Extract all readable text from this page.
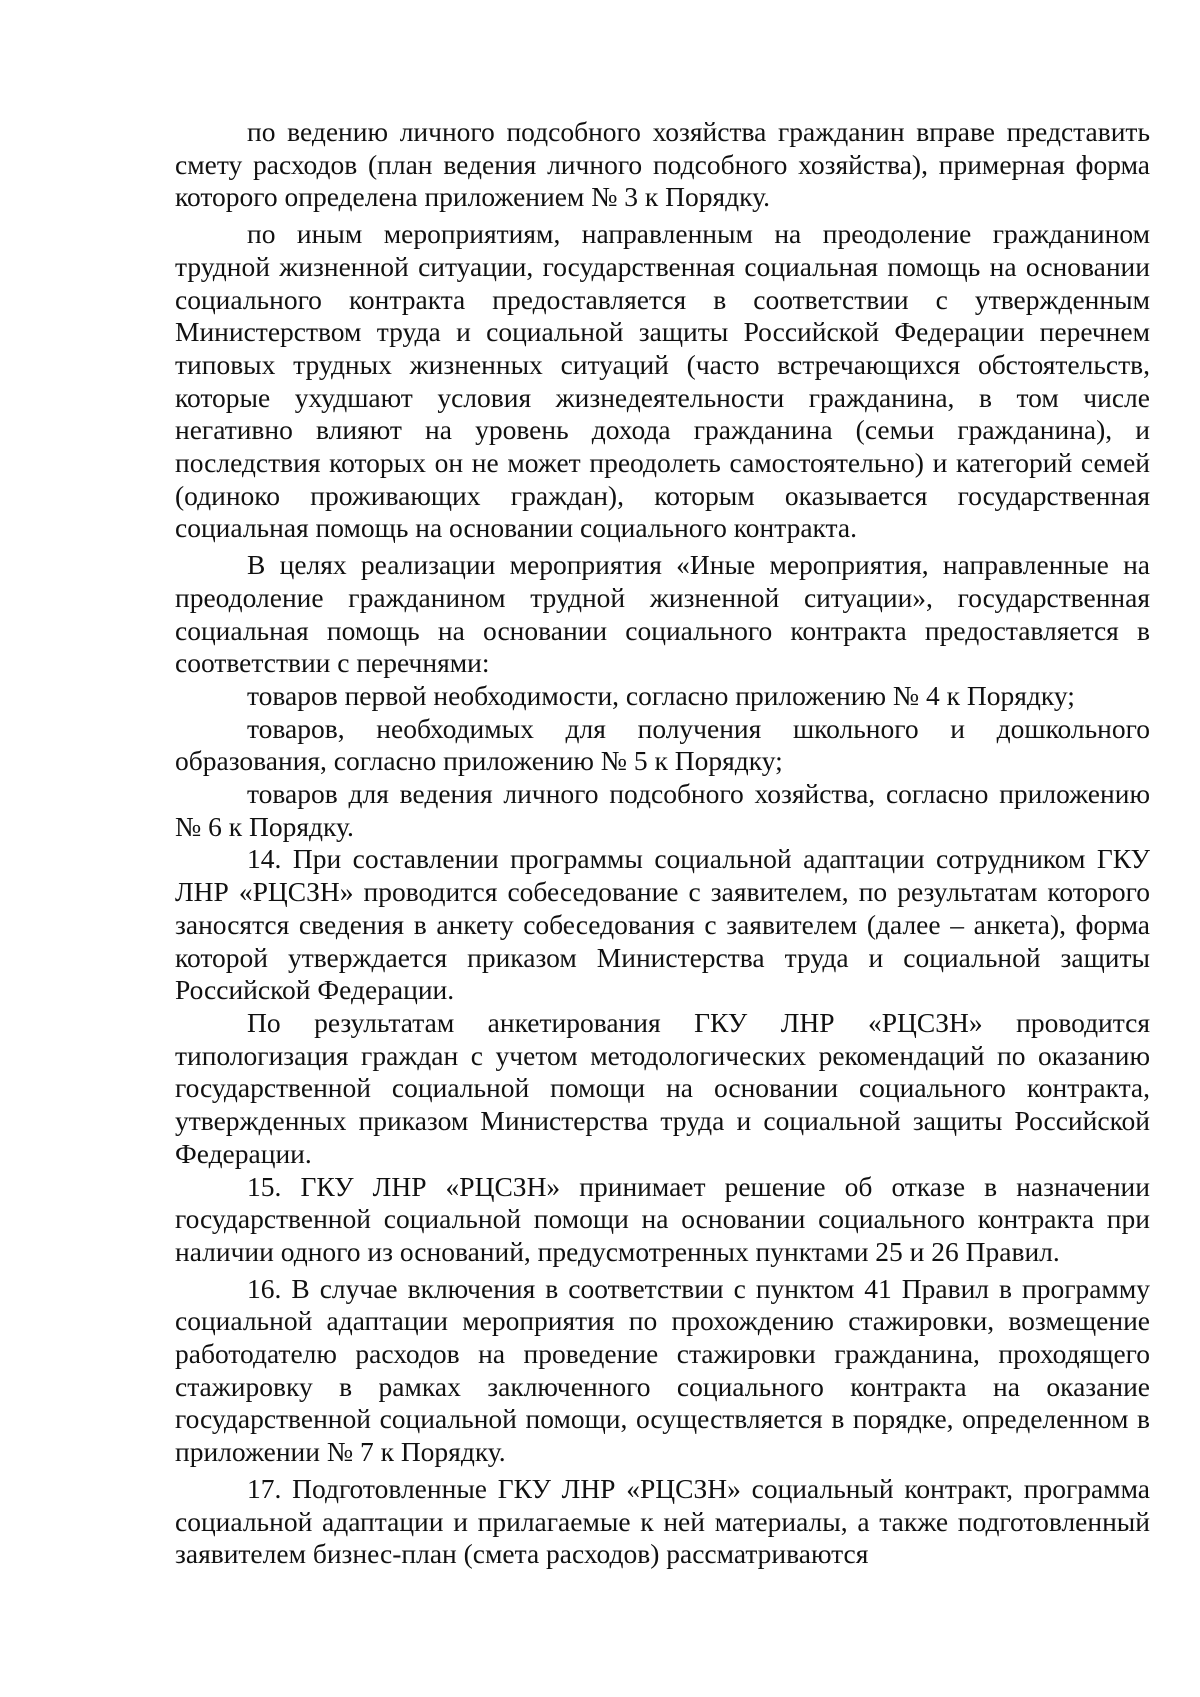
по ведению личного подсобного хозяйства гражданин вправе представить смету расходов (план ведения личного подсобного хозяйства), примерная форма которого определена приложением № 3 к Порядку.

по иным мероприятиям, направленным на преодоление гражданином трудной жизненной ситуации, государственная социальная помощь на основании социального контракта предоставляется в соответствии с утвержденным Министерством труда и социальной защиты Российской Федерации перечнем типовых трудных жизненных ситуаций (часто встречающихся обстоятельств, которые ухудшают условия жизнедеятельности гражданина, в том числе негативно влияют на уровень дохода гражданина (семьи гражданина), и последствия которых он не может преодолеть самостоятельно) и категорий семей (одиноко проживающих граждан), которым оказывается государственная социальная помощь на основании социального контракта.

В целях реализации мероприятия «Иные мероприятия, направленные на преодоление гражданином трудной жизненной ситуации», государственная социальная помощь на основании социального контракта предоставляется в соответствии с перечнями:

товаров первой необходимости, согласно приложению № 4 к Порядку;

товаров, необходимых для получения школьного и дошкольного образования, согласно приложению № 5 к Порядку;

товаров для ведения личного подсобного хозяйства, согласно приложению № 6 к Порядку.

14. При составлении программы социальной адаптации сотрудником ГКУ ЛНР «РЦСЗН» проводится собеседование с заявителем, по результатам которого заносятся сведения в анкету собеседования с заявителем (далее – анкета), форма которой утверждается приказом Министерства труда и социальной защиты Российской Федерации.

По результатам анкетирования ГКУ ЛНР «РЦСЗН» проводится типологизация граждан с учетом методологических рекомендаций по оказанию государственной социальной помощи на основании социального контракта, утвержденных приказом Министерства труда и социальной защиты Российской Федерации.

15. ГКУ ЛНР «РЦСЗН» принимает решение об отказе в назначении государственной социальной помощи на основании социального контракта при наличии одного из оснований, предусмотренных пунктами 25 и 26 Правил.

16. В случае включения в соответствии с пунктом 41 Правил в программу социальной адаптации мероприятия по прохождению стажировки, возмещение работодателю расходов на проведение стажировки гражданина, проходящего стажировку в рамках заключенного социального контракта на оказание государственной социальной помощи, осуществляется в порядке, определенном в приложении № 7 к Порядку.

17. Подготовленные ГКУ ЛНР «РЦСЗН» социальный контракт, программа социальной адаптации и прилагаемые к ней материалы, а также подготовленный заявителем бизнес-план (смета расходов) рассматриваются
